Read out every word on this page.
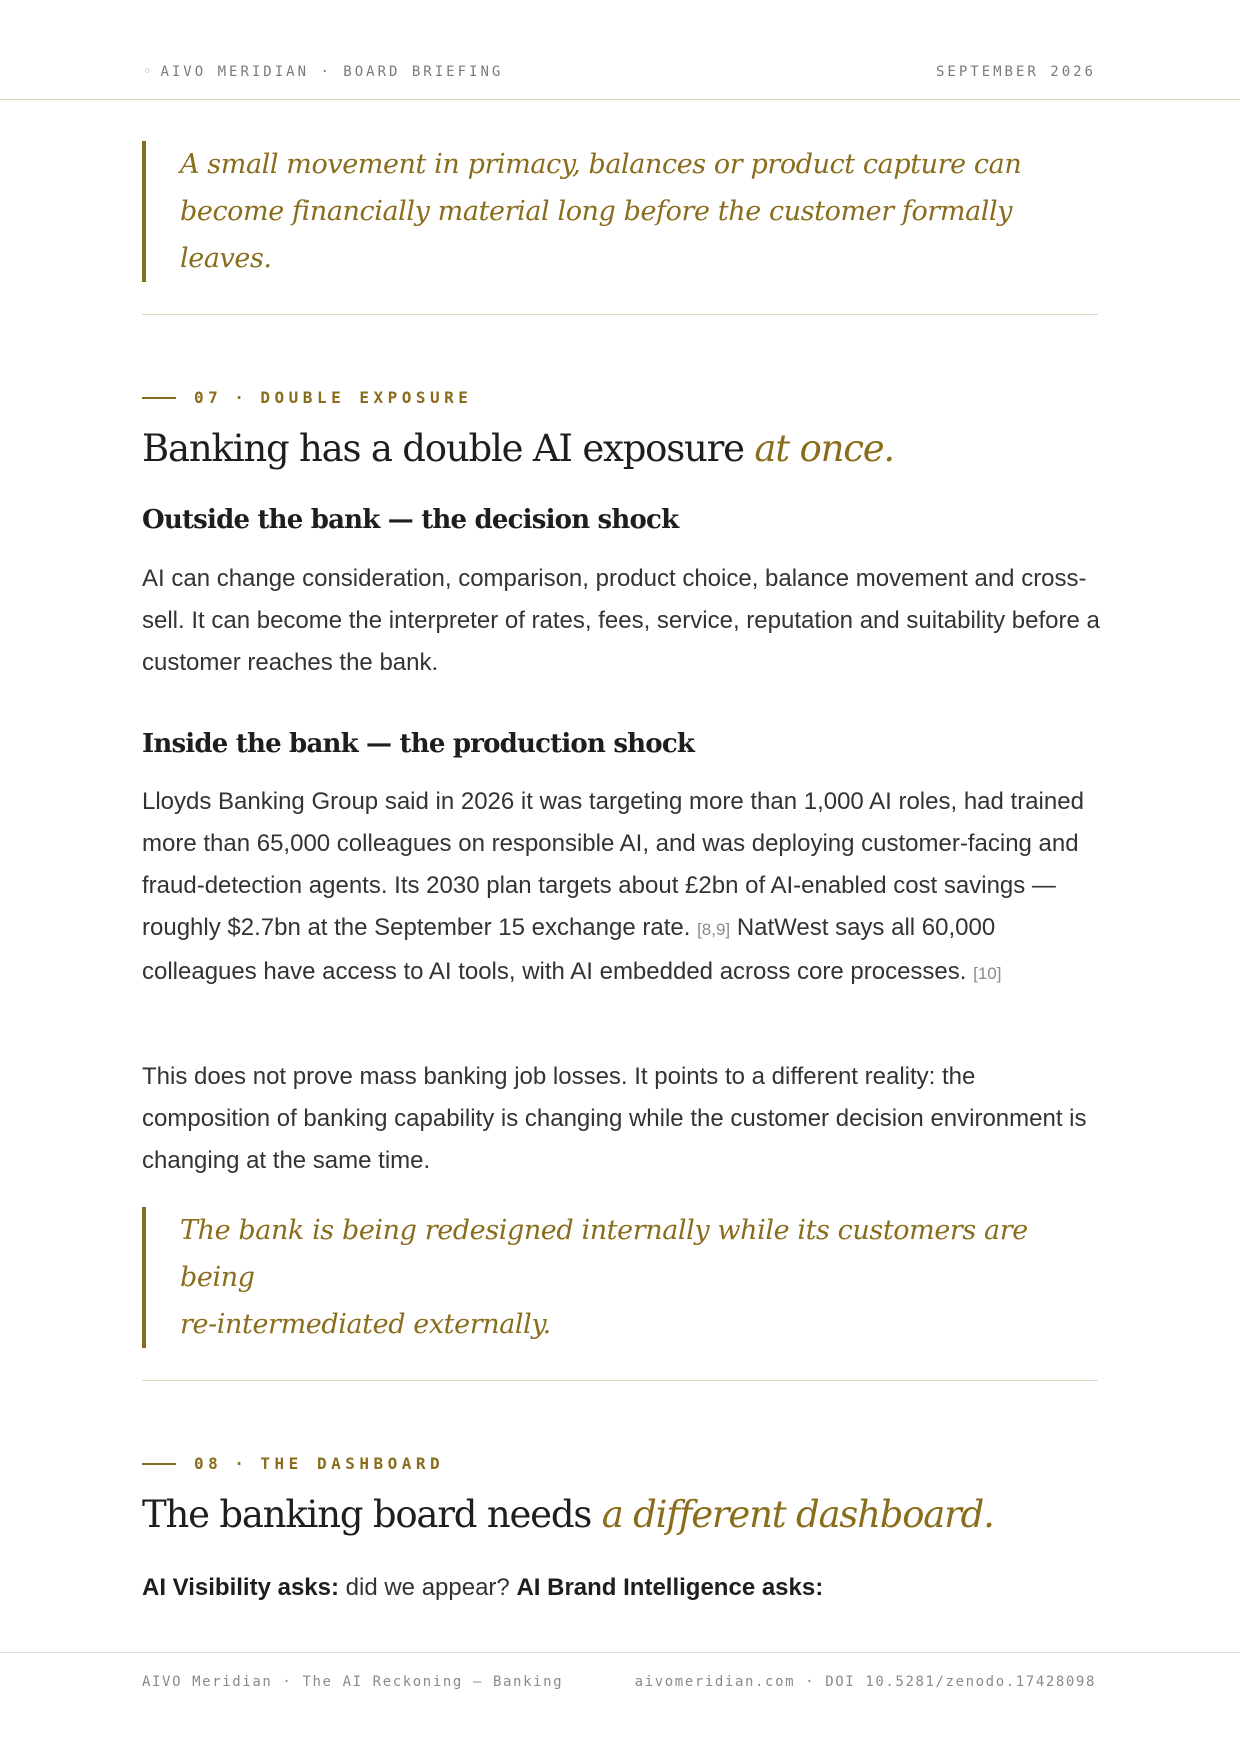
◦ AIVO MERIDIAN · BOARD BRIEFING	SEPTEMBER 2026
A small movement in primacy, balances or product capture can
become financially material long before the customer formally leaves.
07 · DOUBLE EXPOSURE
Banking has a double AI exposure at once.
Outside the bank — the decision shock
AI can change consideration, comparison, product choice, balance movement and cross-sell. It can become the interpreter of rates, fees, service, reputation and suitability before a customer reaches the bank.
Inside the bank — the production shock
Lloyds Banking Group said in 2026 it was targeting more than 1,000 AI roles, had trained more than 65,000 colleagues on responsible AI, and was deploying customer-facing and fraud-detection agents. Its 2030 plan targets about £2bn of AI-enabled cost savings — roughly $2.7bn at the September 15 exchange rate. [8,9] NatWest says all 60,000 colleagues have access to AI tools, with AI embedded across core processes. [10]
This does not prove mass banking job losses. It points to a different reality: the composition of banking capability is changing while the customer decision environment is changing at the same time.
The bank is being redesigned internally while its customers are being
re-intermediated externally.
08 · THE DASHBOARD
The banking board needs a different dashboard.
AI Visibility asks: did we appear? AI Brand Intelligence asks:
AIVO Meridian · The AI Reckoning — Banking	aivomeridian.com · DOI 10.5281/zenodo.17428098
